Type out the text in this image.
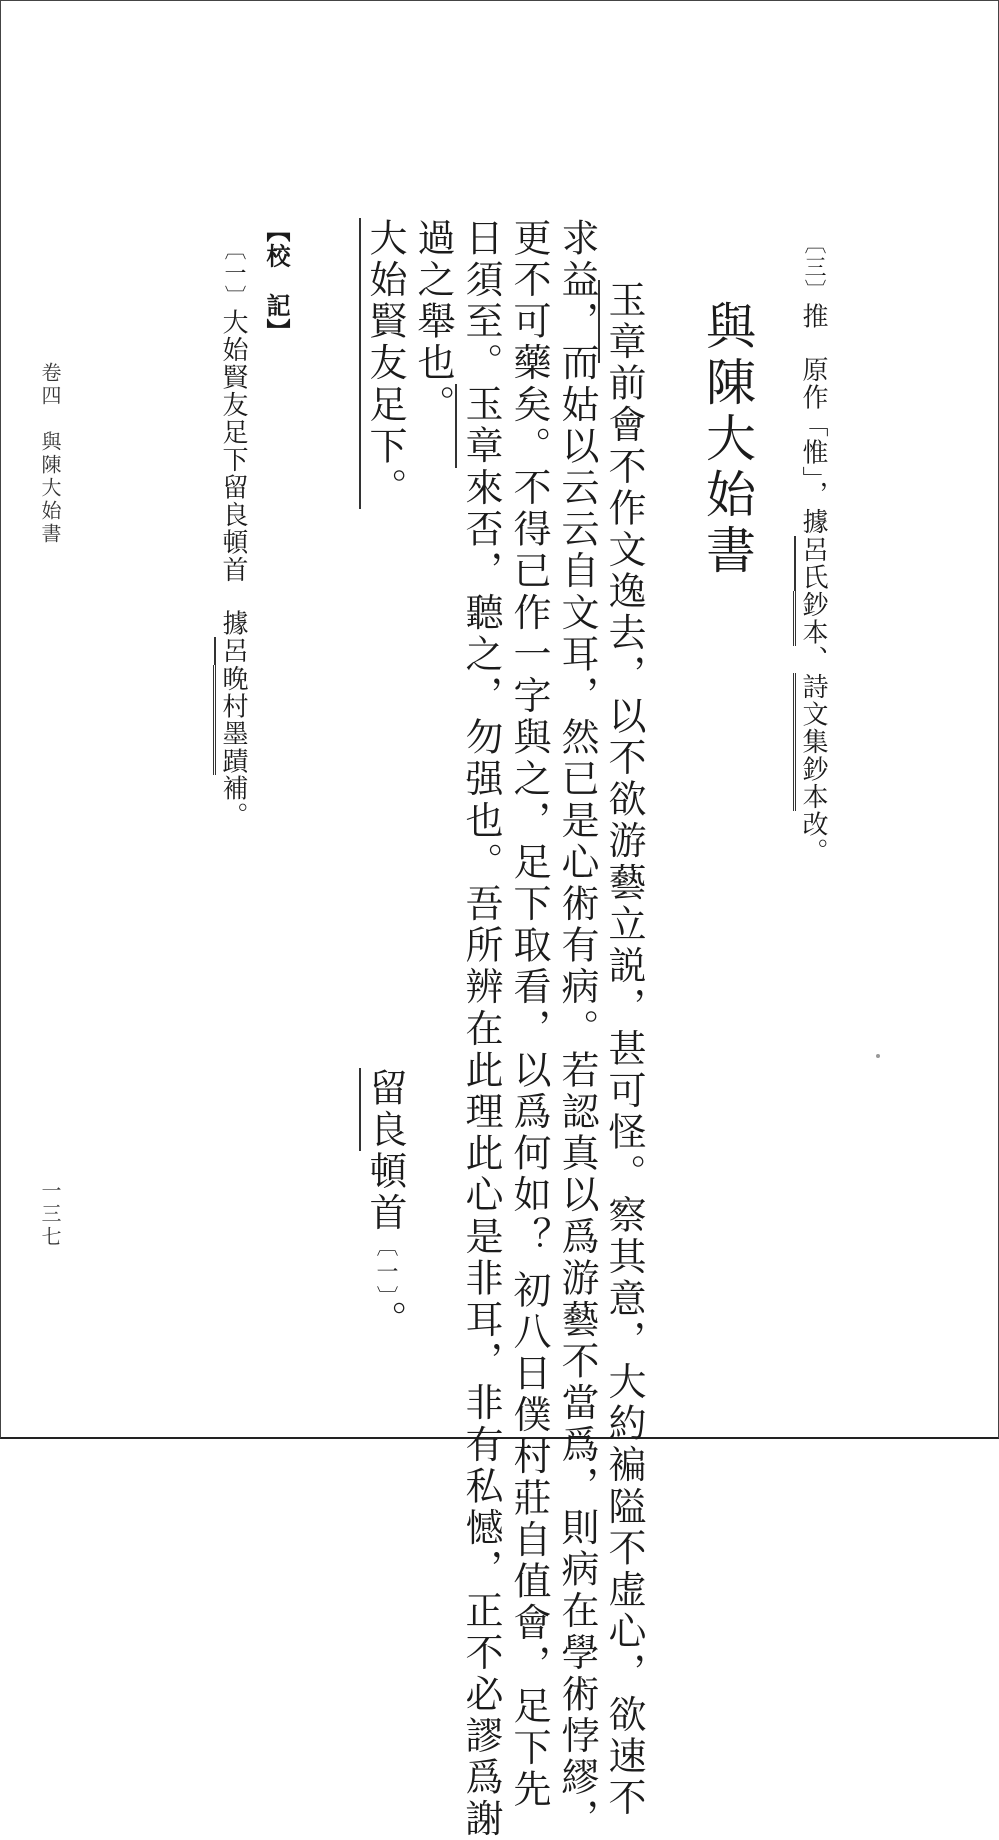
卷四　與陳大始書
一三七
〔三〕推原作「惟」，據呂氏鈔本、詩文集鈔本改。
與陳大始書
玉章前會不作文逸去，以不欲游藝立説，甚可怪。察其意，大約褊隘不虚心，欲速不
求益，而姑以云云自文耳，然已是心術有病。若認真以爲游藝不當爲，則病在學術悖繆，
更不可藥矣。不得已作一字與之，足下取看，以爲何如？初八日僕村莊自值會，足下先
日須至。玉章來否，聽之，勿强也。吾所辨在此理此心是非耳，非有私憾，正不必謬爲謝
過之舉也。
大始賢友足下。
留良頓首〔一〕。
【校記】
〔一〕大始賢友足下留良頓首據呂晚村墨蹟補。
